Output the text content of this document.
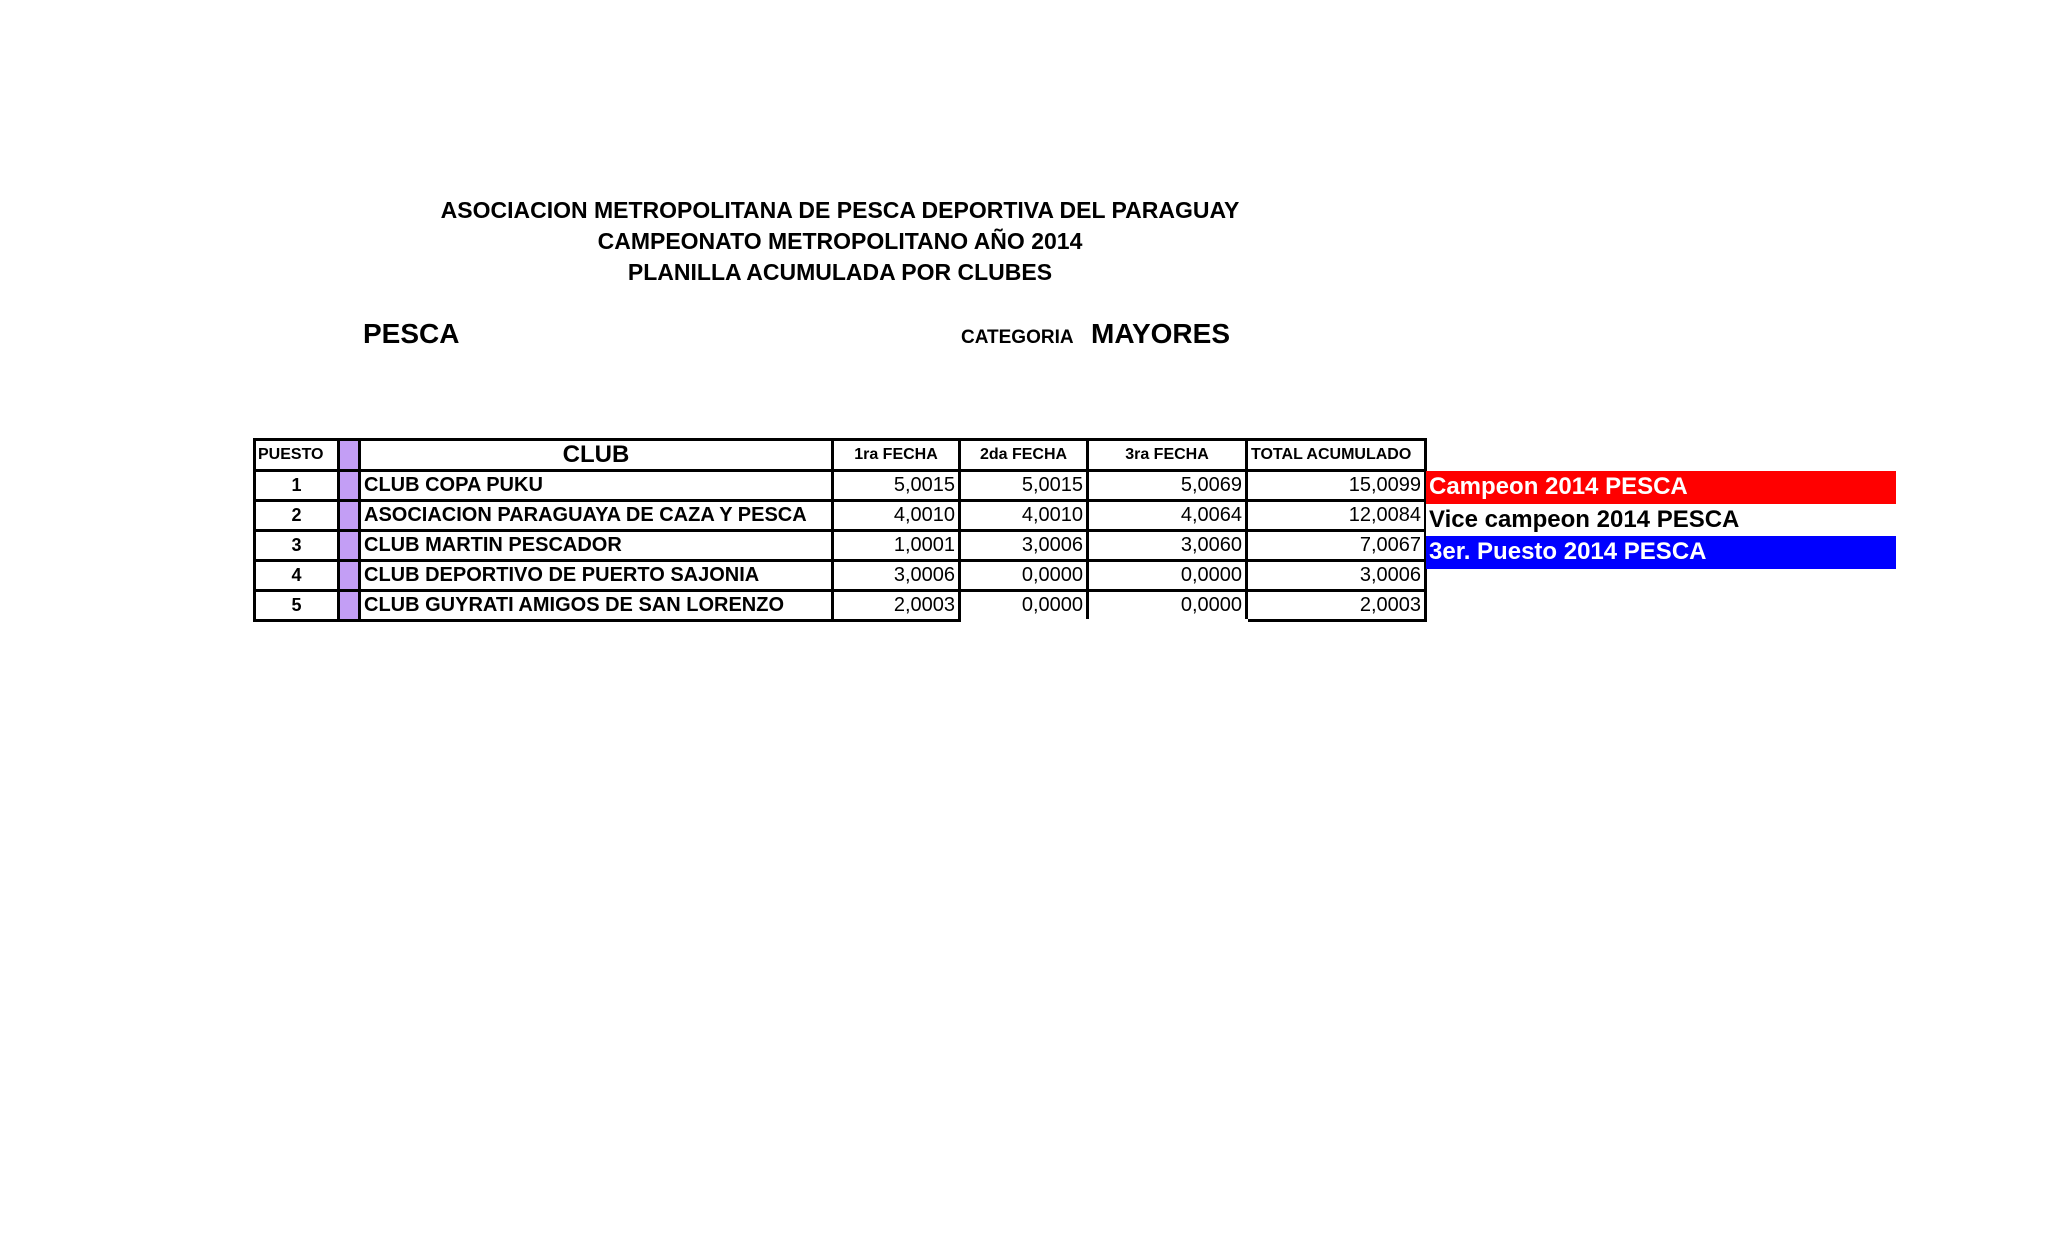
ASOCIACION METROPOLITANA DE PESCA DEPORTIVA DEL PARAGUAY
CAMPEONATO METROPOLITANO AÑO 2014
PLANILLA ACUMULADA POR CLUBES
PESCA	CATEGORIA MAYORES
PUESTO		CLUB	1ra FECHA	2da FECHA	3ra FECHA	TOTAL ACUMULADO
1		CLUB COPA PUKU	5,0015	5,0015	5,0069	15,0099
2		ASOCIACION PARAGUAYA DE CAZA Y PESCA	4,0010	4,0010	4,0064	12,0084
3		CLUB MARTIN PESCADOR	1,0001	3,0006	3,0060	7,0067
4		CLUB DEPORTIVO DE PUERTO SAJONIA	3,0006	0,0000	0,0000	3,0006
5		CLUB GUYRATI AMIGOS DE SAN LORENZO	2,0003	0,0000	0,0000	2,0003
Campeon 2014 PESCA
Vice campeon 2014 PESCA
3er. Puesto 2014 PESCA
